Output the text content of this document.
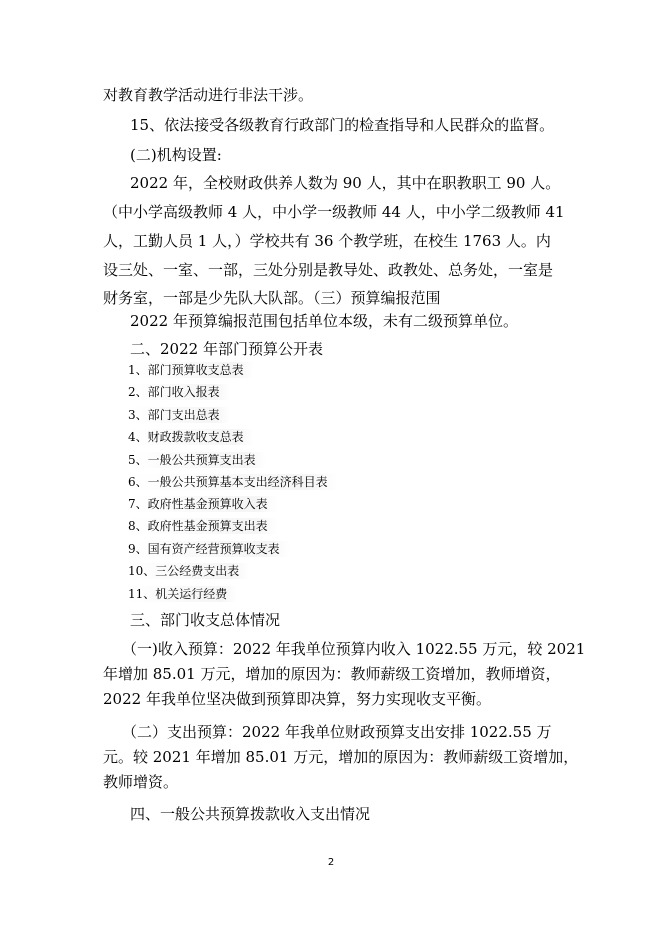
对教育教学活动进行非法干涉。
15、依法接受各级教育行政部门的检查指导和人民群众的监督。
(二)机构设置:
2022 年，全校财政供养人数为 90 人，其中在职教职工 90 人。
（中小学高级教师 4 人，中小学一级教师 44 人，中小学二级教师 41
人，工勤人员 1 人，）学校共有 36 个教学班，在校生 1763 人。内
设三处、一室、一部，三处分别是教导处、政教处、总务处，一室是
财务室，一部是少先队大队部。（三）预算编报范围
2022 年预算编报范围包括单位本级，未有二级预算单位。
二、2022 年部门预算公开表
1、部门预算收支总表
2、部门收入报表
3、部门支出总表
4、财政拨款收支总表
5、一般公共预算支出表
6、一般公共预算基本支出经济科目表
7、政府性基金预算收入表
8、政府性基金预算支出表
9、国有资产经营预算收支表
10、三公经费支出表
11、机关运行经费
三、部门收支总体情况
（一)收入预算：2022 年我单位预算内收入 1022.55 万元，较 2021
年增加 85.01 万元，增加的原因为：教师薪级工资增加，教师增资，
2022 年我单位坚决做到预算即决算，努力实现收支平衡。
（二）支出预算：2022 年我单位财政预算支出安排 1022.55 万
元。较 2021 年增加 85.01 万元，增加的原因为：教师薪级工资增加，
教师增资。
四、一般公共预算拨款收入支出情况
2
